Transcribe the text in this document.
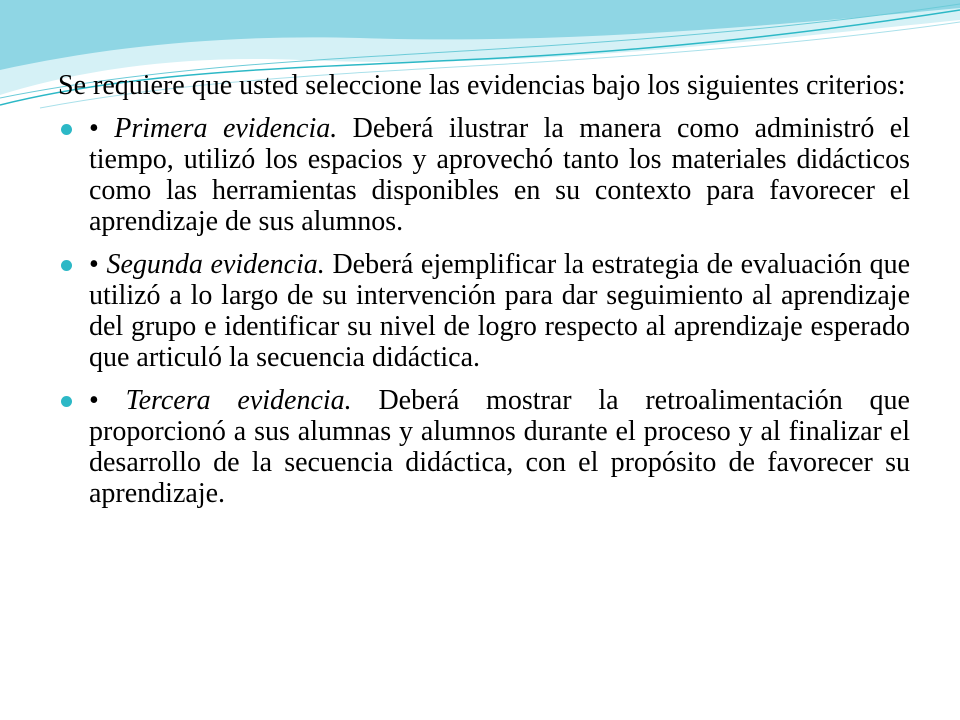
Se requiere que usted seleccione las evidencias bajo los siguientes criterios:

• Primera evidencia. Deberá ilustrar la manera como administró el tiempo, utilizó los espacios y aprovechó tanto los materiales didácticos como las herramientas disponibles en su contexto para favorecer el aprendizaje de sus alumnos.
• Segunda evidencia. Deberá ejemplificar la estrategia de evaluación que utilizó a lo largo de su intervención para dar seguimiento al aprendizaje del grupo e identificar su nivel de logro respecto al aprendizaje esperado que articuló la secuencia didáctica.
• Tercera evidencia. Deberá mostrar la retroalimentación que proporcionó a sus alumnas y alumnos durante el proceso y al finalizar el desarrollo de la secuencia didáctica, con el propósito de favorecer su aprendizaje.
